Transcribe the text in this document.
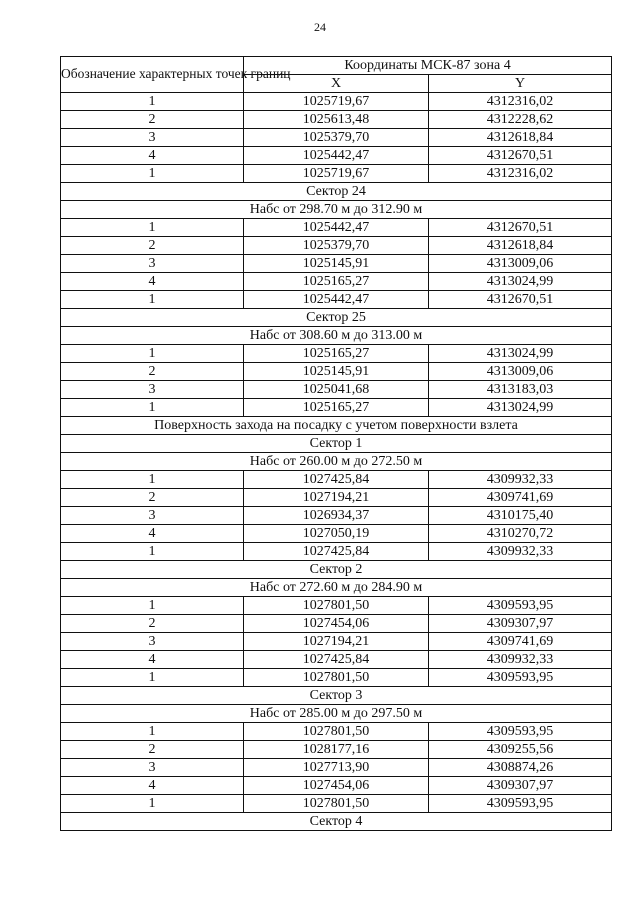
24
Обозначение характерных точек границ	Координаты МСК-87 зона 4	
	X	Y
1	1025719,67	4312316,02
2	1025613,48	4312228,62
3	1025379,70	4312618,84
4	1025442,47	4312670,51
1	1025719,67	4312316,02
Сектор 24		
Нaбс от 298.70 м до 312.90 м		
1	1025442,47	4312670,51
2	1025379,70	4312618,84
3	1025145,91	4313009,06
4	1025165,27	4313024,99
1	1025442,47	4312670,51
Сектор 25		
Нaбс от 308.60 м до 313.00 м		
1	1025165,27	4313024,99
2	1025145,91	4313009,06
3	1025041,68	4313183,03
1	1025165,27	4313024,99
Поверхность захода на посадку с учетом поверхности взлета		
Сектор 1		
Нaбс от 260.00 м до 272.50 м		
1	1027425,84	4309932,33
2	1027194,21	4309741,69
3	1026934,37	4310175,40
4	1027050,19	4310270,72
1	1027425,84	4309932,33
Сектор 2		
Нaбс от 272.60 м до 284.90 м		
1	1027801,50	4309593,95
2	1027454,06	4309307,97
3	1027194,21	4309741,69
4	1027425,84	4309932,33
1	1027801,50	4309593,95
Сектор 3		
Нaбс от 285.00 м до 297.50 м		
1	1027801,50	4309593,95
2	1028177,16	4309255,56
3	1027713,90	4308874,26
4	1027454,06	4309307,97
1	1027801,50	4309593,95
Сектор 4		
